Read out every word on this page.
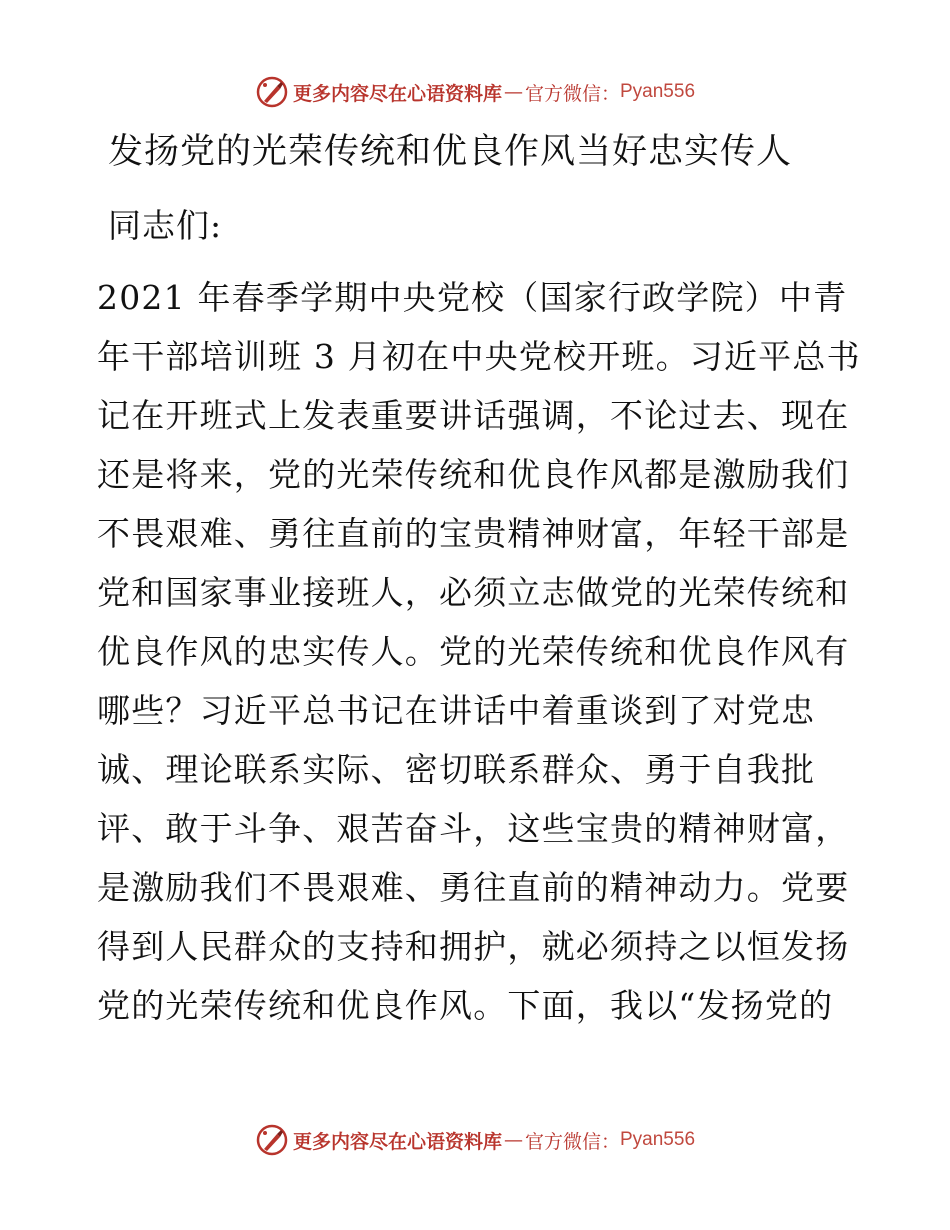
更多内容尽在心语资料库 — 官方微信： Pyan556
发扬党的光荣传统和优良作风当好忠实传人
同志们:
2021 年春季学期中央党校（国家行政学院）中青
年干部培训班 3 月初在中央党校开班。习近平总书
记在开班式上发表重要讲话强调，不论过去、现在
还是将来，党的光荣传统和优良作风都是激励我们
不畏艰难、勇往直前的宝贵精神财富，年轻干部是
党和国家事业接班人，必须立志做党的光荣传统和
优良作风的忠实传人。党的光荣传统和优良作风有
哪些？习近平总书记在讲话中着重谈到了对党忠
诚、理论联系实际、密切联系群众、勇于自我批
评、敢于斗争、艰苦奋斗，这些宝贵的精神财富，
是激励我们不畏艰难、勇往直前的精神动力。党要
得到人民群众的支持和拥护，就必须持之以恒发扬
党的光荣传统和优良作风。下面，我以“发扬党的
更多内容尽在心语资料库 — 官方微信： Pyan556
